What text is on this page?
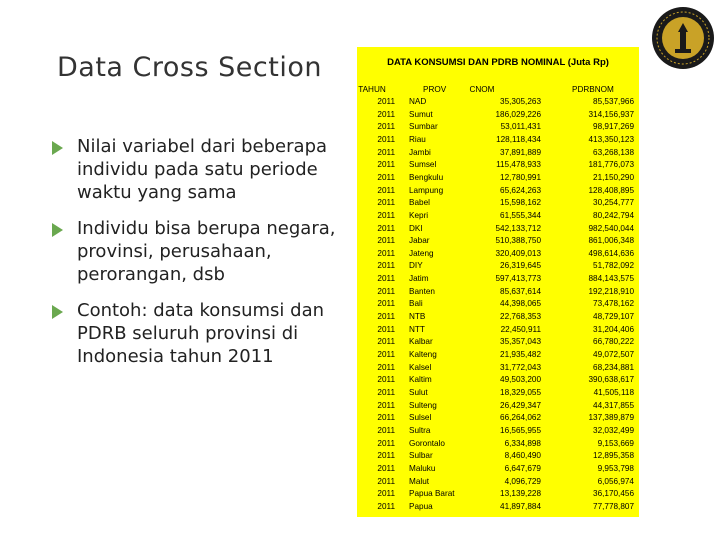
Data Cross Section
Nilai variabel dari beberapa individu pada satu periode waktu yang sama
Individu bisa berupa negara, provinsi, perusahaan, perorangan, dsb
Contoh: data konsumsi dan PDRB seluruh provinsi di Indonesia tahun 2011
DATA KONSUMSI DAN PDRB NOMINAL (Juta Rp)
TAHUN	PROV	CNOM	PDRBNOM
2011 NAD	35,305,263	85,537,966
2011 Sumut	186,029,226	314,156,937
2011 Sumbar	53,011,431	98,917,269
2011 Riau	128,118,434	413,350,123
2011 Jambi	37,891,889	63,268,138
2011 Sumsel	115,478,933	181,776,073
2011 Bengkulu	12,780,991	21,150,290
2011 Lampung	65,624,263	128,408,895
2011 Babel	15,598,162	30,254,777
2011 Kepri	61,555,344	80,242,794
2011 DKI	542,133,712	982,540,044
2011 Jabar	510,388,750	861,006,348
2011 Jateng	320,409,013	498,614,636
2011 DIY	26,319,645	51,782,092
2011 Jatim	597,413,773	884,143,575
2011 Banten	85,637,614	192,218,910
2011 Bali	44,398,065	73,478,162
2011 NTB	22,768,353	48,729,107
2011 NTT	22,450,911	31,204,406
2011 Kalbar	35,357,043	66,780,222
2011 Kalteng	21,935,482	49,072,507
2011 Kalsel	31,772,043	68,234,881
2011 Kaltim	49,503,200	390,638,617
2011 Sulut	18,329,055	41,505,118
2011 Sulteng	26,429,347	44,317,855
2011 Sulsel	66,264,062	137,389,879
2011 Sultra	16,565,955	32,032,499
2011 Gorontalo	6,334,898	9,153,669
2011 Sulbar	8,460,490	12,895,358
2011 Maluku	6,647,679	9,953,798
2011 Malut	4,096,729	6,056,974
2011 Papua Barat	13,139,228	36,170,456
2011 Papua	41,897,884	77,778,807
